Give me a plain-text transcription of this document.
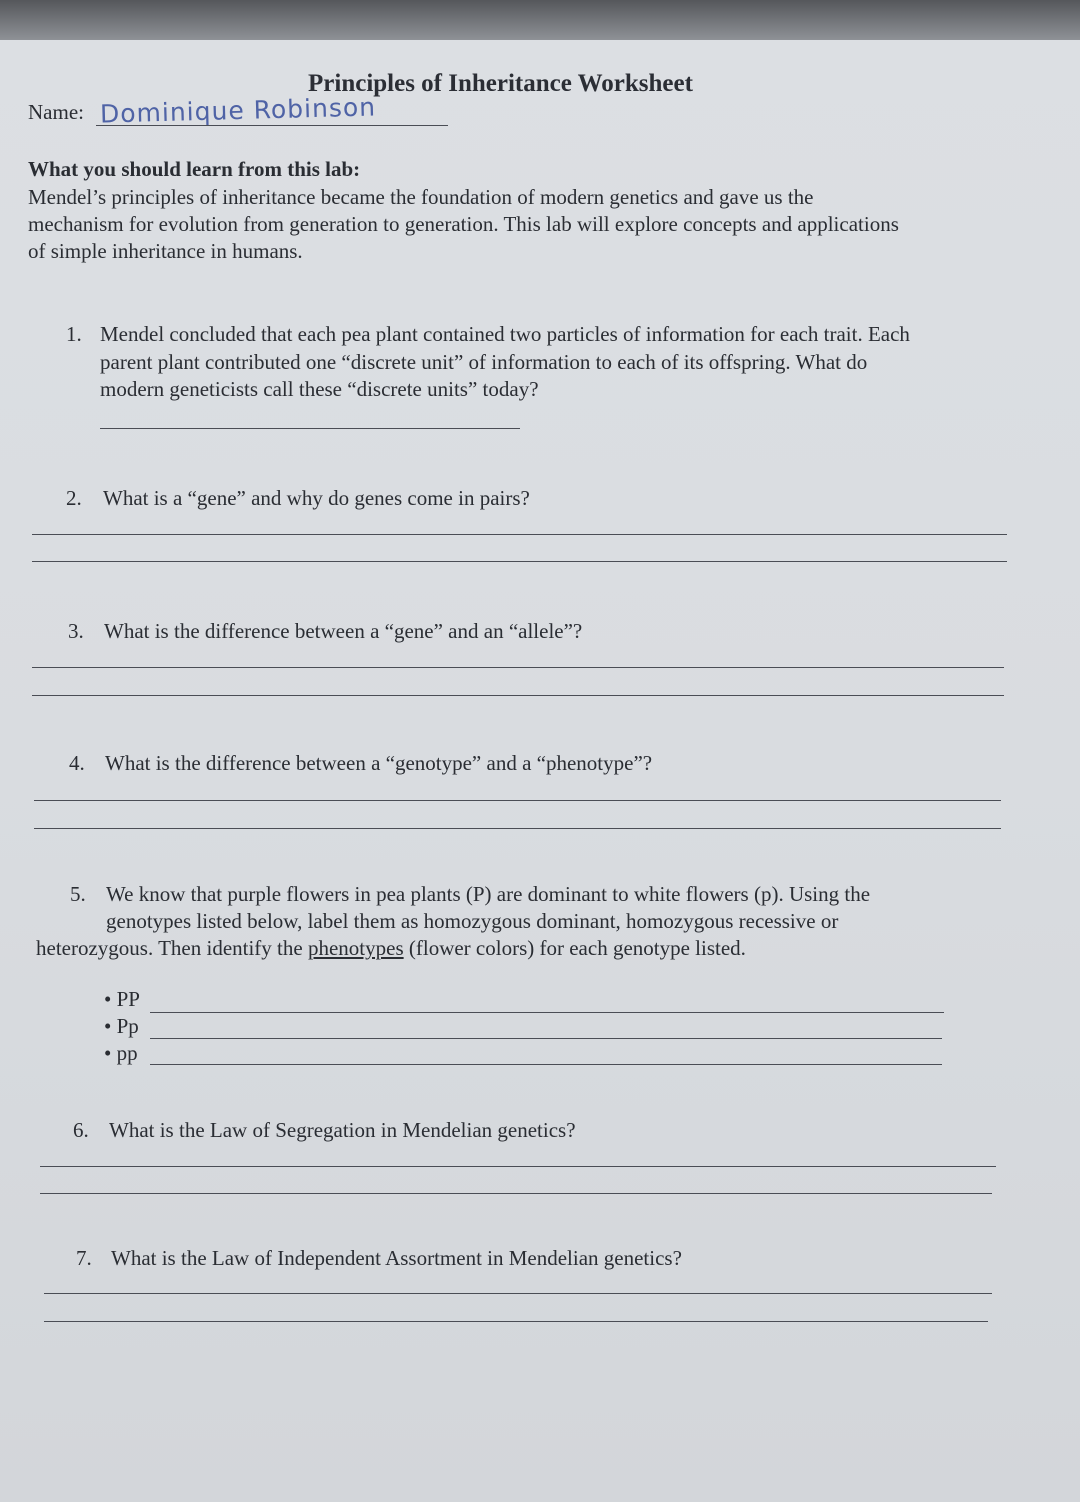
Principles of Inheritance Worksheet
Name: Dominique Robinson
What you should learn from this lab:
Mendel’s principles of inheritance became the foundation of modern genetics and gave us the
mechanism for evolution from generation to generation. This lab will explore concepts and applications
of simple inheritance in humans.
1. Mendel concluded that each pea plant contained two particles of information for each trait. Each
parent plant contributed one “discrete unit” of information to each of its offspring. What do
modern geneticists call these “discrete units” today?
2. What is a “gene” and why do genes come in pairs?
3. What is the difference between a “gene” and an “allele”?
4. What is the difference between a “genotype” and a “phenotype”?
5. We know that purple flowers in pea plants (P) are dominant to white flowers (p). Using the
genotypes listed below, label them as homozygous dominant, homozygous recessive or
heterozygous. Then identify the phenotypes (flower colors) for each genotype listed.
• PP
• Pp
• pp
6. What is the Law of Segregation in Mendelian genetics?
7. What is the Law of Independent Assortment in Mendelian genetics?
